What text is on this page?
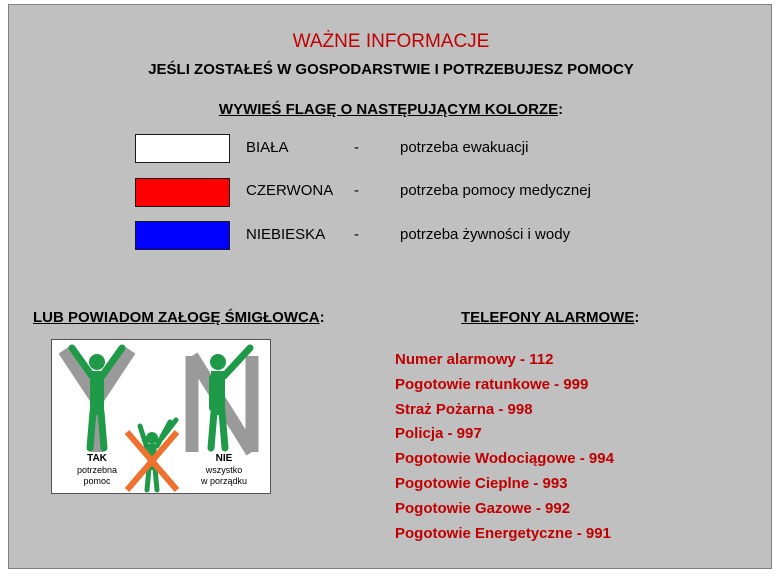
WAŻNE INFORMACJE
JEŚLI ZOSTAŁEŚ W GOSPODARSTWIE I POTRZEBUJESZ POMOCY
WYWIEŚ FLAGĘ O NASTĘPUJĄCYM KOLORZE:
BIAŁA	-	potrzeba ewakuacji
CZERWONA -	potrzeba pomocy medycznej
NIEBIESKA -	potrzeba żywności i wody
LUB POWIADOM ZAŁOGĘ ŚMIGŁOWCA:	TELEFONY ALARMOWE:
TAK
potrzebna
pomoc
NIE
wszystko
w porządku
Numer alarmowy - 112
Pogotowie ratunkowe - 999
Straż Pożarna - 998
Policja - 997
Pogotowie Wodociągowe - 994
Pogotowie Cieplne - 993
Pogotowie Gazowe - 992
Pogotowie Energetyczne - 991
